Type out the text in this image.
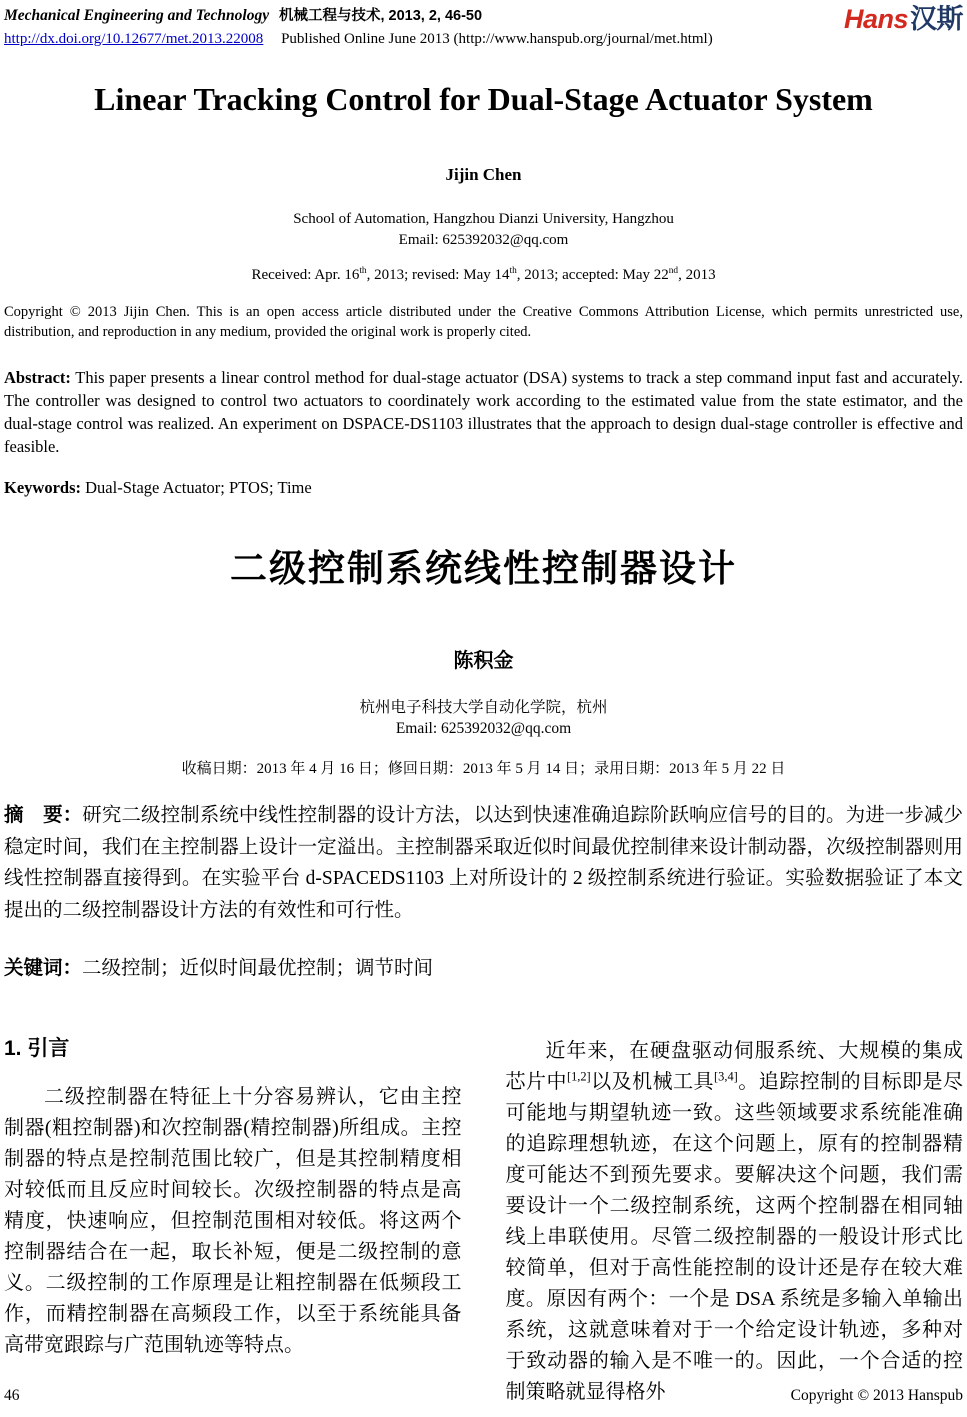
Mechanical Engineering and Technology 机械工程与技术, 2013, 2, 46-50
http://dx.doi.org/10.12677/met.2013.22008 Published Online June 2013 (http://www.hanspub.org/journal/met.html)
Hans汉斯
Linear Tracking Control for Dual-Stage Actuator System
Jijin Chen
School of Automation, Hangzhou Dianzi University, Hangzhou
Email: 625392032@qq.com
Received: Apr. 16th, 2013; revised: May 14th, 2013; accepted: May 22nd, 2013
Copyright © 2013 Jijin Chen. This is an open access article distributed under the Creative Commons Attribution License, which permits unrestricted use, distribution, and reproduction in any medium, provided the original work is properly cited.
Abstract: This paper presents a linear control method for dual-stage actuator (DSA) systems to track a step command input fast and accurately. The controller was designed to control two actuators to coordinately work according to the estimated value from the state estimator, and the dual-stage control was realized. An experiment on DSPACE-DS1103 illustrates that the approach to design dual-stage controller is effective and feasible.
Keywords: Dual-Stage Actuator; PTOS; Time
二级控制系统线性控制器设计
陈积金
杭州电子科技大学自动化学院，杭州
Email: 625392032@qq.com
收稿日期：2013 年 4 月 16 日；修回日期：2013 年 5 月 14 日；录用日期：2013 年 5 月 22 日
摘　要：研究二级控制系统中线性控制器的设计方法，以达到快速准确追踪阶跃响应信号的目的。为进一步减少稳定时间，我们在主控制器上设计一定溢出。主控制器采取近似时间最优控制律来设计制动器，次级控制器则用线性控制器直接得到。在实验平台 d-SPACEDS1103 上对所设计的 2 级控制系统进行验证。实验数据验证了本文提出的二级控制器设计方法的有效性和可行性。
关键词：二级控制；近似时间最优控制；调节时间
1. 引言

二级控制器在特征上十分容易辨认，它由主控制器(粗控制器)和次控制器(精控制器)所组成。主控制器的特点是控制范围比较广，但是其控制精度相对较低而且反应时间较长。次级控制器的特点是高精度，快速响应，但控制范围相对较低。将这两个控制器结合在一起，取长补短，便是二级控制的意义。二级控制的工作原理是让粗控制器在低频段工作，而精控制器在高频段工作，以至于系统能具备高带宽跟踪与广范围轨迹等特点。

近年来，在硬盘驱动伺服系统、大规模的集成芯片中[1,2]以及机械工具[3,4]。追踪控制的目标即是尽可能地与期望轨迹一致。这些领域要求系统能准确的追踪理想轨迹，在这个问题上，原有的控制器精度可能达不到预先要求。要解决这个问题，我们需要设计一个二级控制系统，这两个控制器在相同轴线上串联使用。尽管二级控制器的一般设计形式比较简单，但对于高性能控制的设计还是存在较大难度。原因有两个：一个是 DSA 系统是多输入单输出系统，这就意味着对于一个给定设计轨迹，多种对于致动器的输入是不唯一的。因此，一个合适的控制策略就显得格外

46	Copyright © 2013 Hanspub
